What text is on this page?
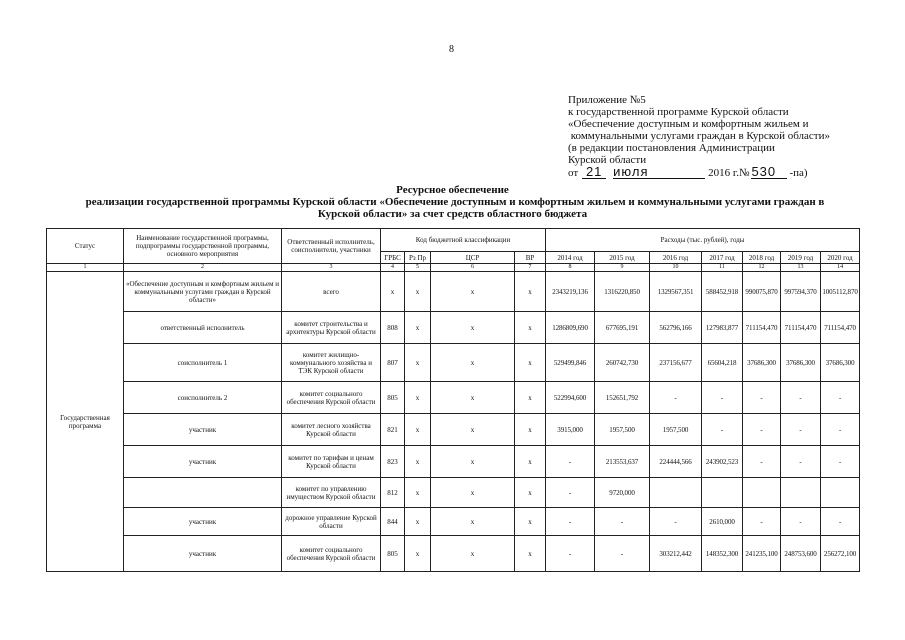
8
Приложение №5
к государственной программе Курской области
«Обеспечение доступным и комфортным жильем и
коммунальными услугами граждан в Курской области»
(в редакции постановления Администрации
Курской области
от 21 июля	2016 г.№ 530 -па)
Ресурсное обеспечение
реализации государственной программы Курской области «Обеспечение доступным и комфортным жильем и коммунальными услугами граждан в
Курской области» за счет средств областного бюджета
Статус	Наименование государственной программы, подпрограммы государственной программы, основного мероприятия	Ответственный исполнитель, соисполнители, участники	Код бюджетной классификации				Расходы (тыс. рублей), годы						
			ГРБС	Рз Пр	ЦСР	ВР	2014 год	2015 год	2016 год	2017 год	2018 год	2019 год	2020 год
1	2	3	4	5	6	7	8	9	10	11	12	13	14
Государственная программа	«Обеспечение доступным и комфортным жильем и коммунальными услугами граждан в Курской области»	всего	х	х	х	х	2343219,136	1316220,850	1329567,351	588452,918	990075,870	997594,370	1005112,870
	ответственный исполнитель	комитет строительства и архитектуры Курской области	808	х	х	х	1286809,690	677695,191	562796,166	127983,877	711154,470	711154,470	711154,470
	соисполнитель 1	комитет жилищно-коммунального хозяйства и ТЭК Курской области	807	х	х	х	529499,846	260742,730	237156,677	65604,218	37686,300	37686,300	37686,300
	соисполнитель 2	комитет социального обеспечения Курской области	805	х	х	х	522994,600	152651,792	-	-	-	-	-
	участник	комитет лесного хозяйства Курской области	821	х	х	х	3915,000	1957,500	1957,500	-	-	-	-
	участник	комитет по тарифам и ценам Курской области	823	х	х	х	-	213553,637	224444,566	243902,523	-	-	-
		комитет по управлению имуществом Курской области	812	х	х	х	-	9720,000					
	участник	дорожное управление Курской области	844	х	х	х	-	-	-	2610,000	-	-	-
	участник	комитет социального обеспечения Курской области	805	х	х	х	-	-	303212,442	148352,300	241235,100	248753,600	256272,100
